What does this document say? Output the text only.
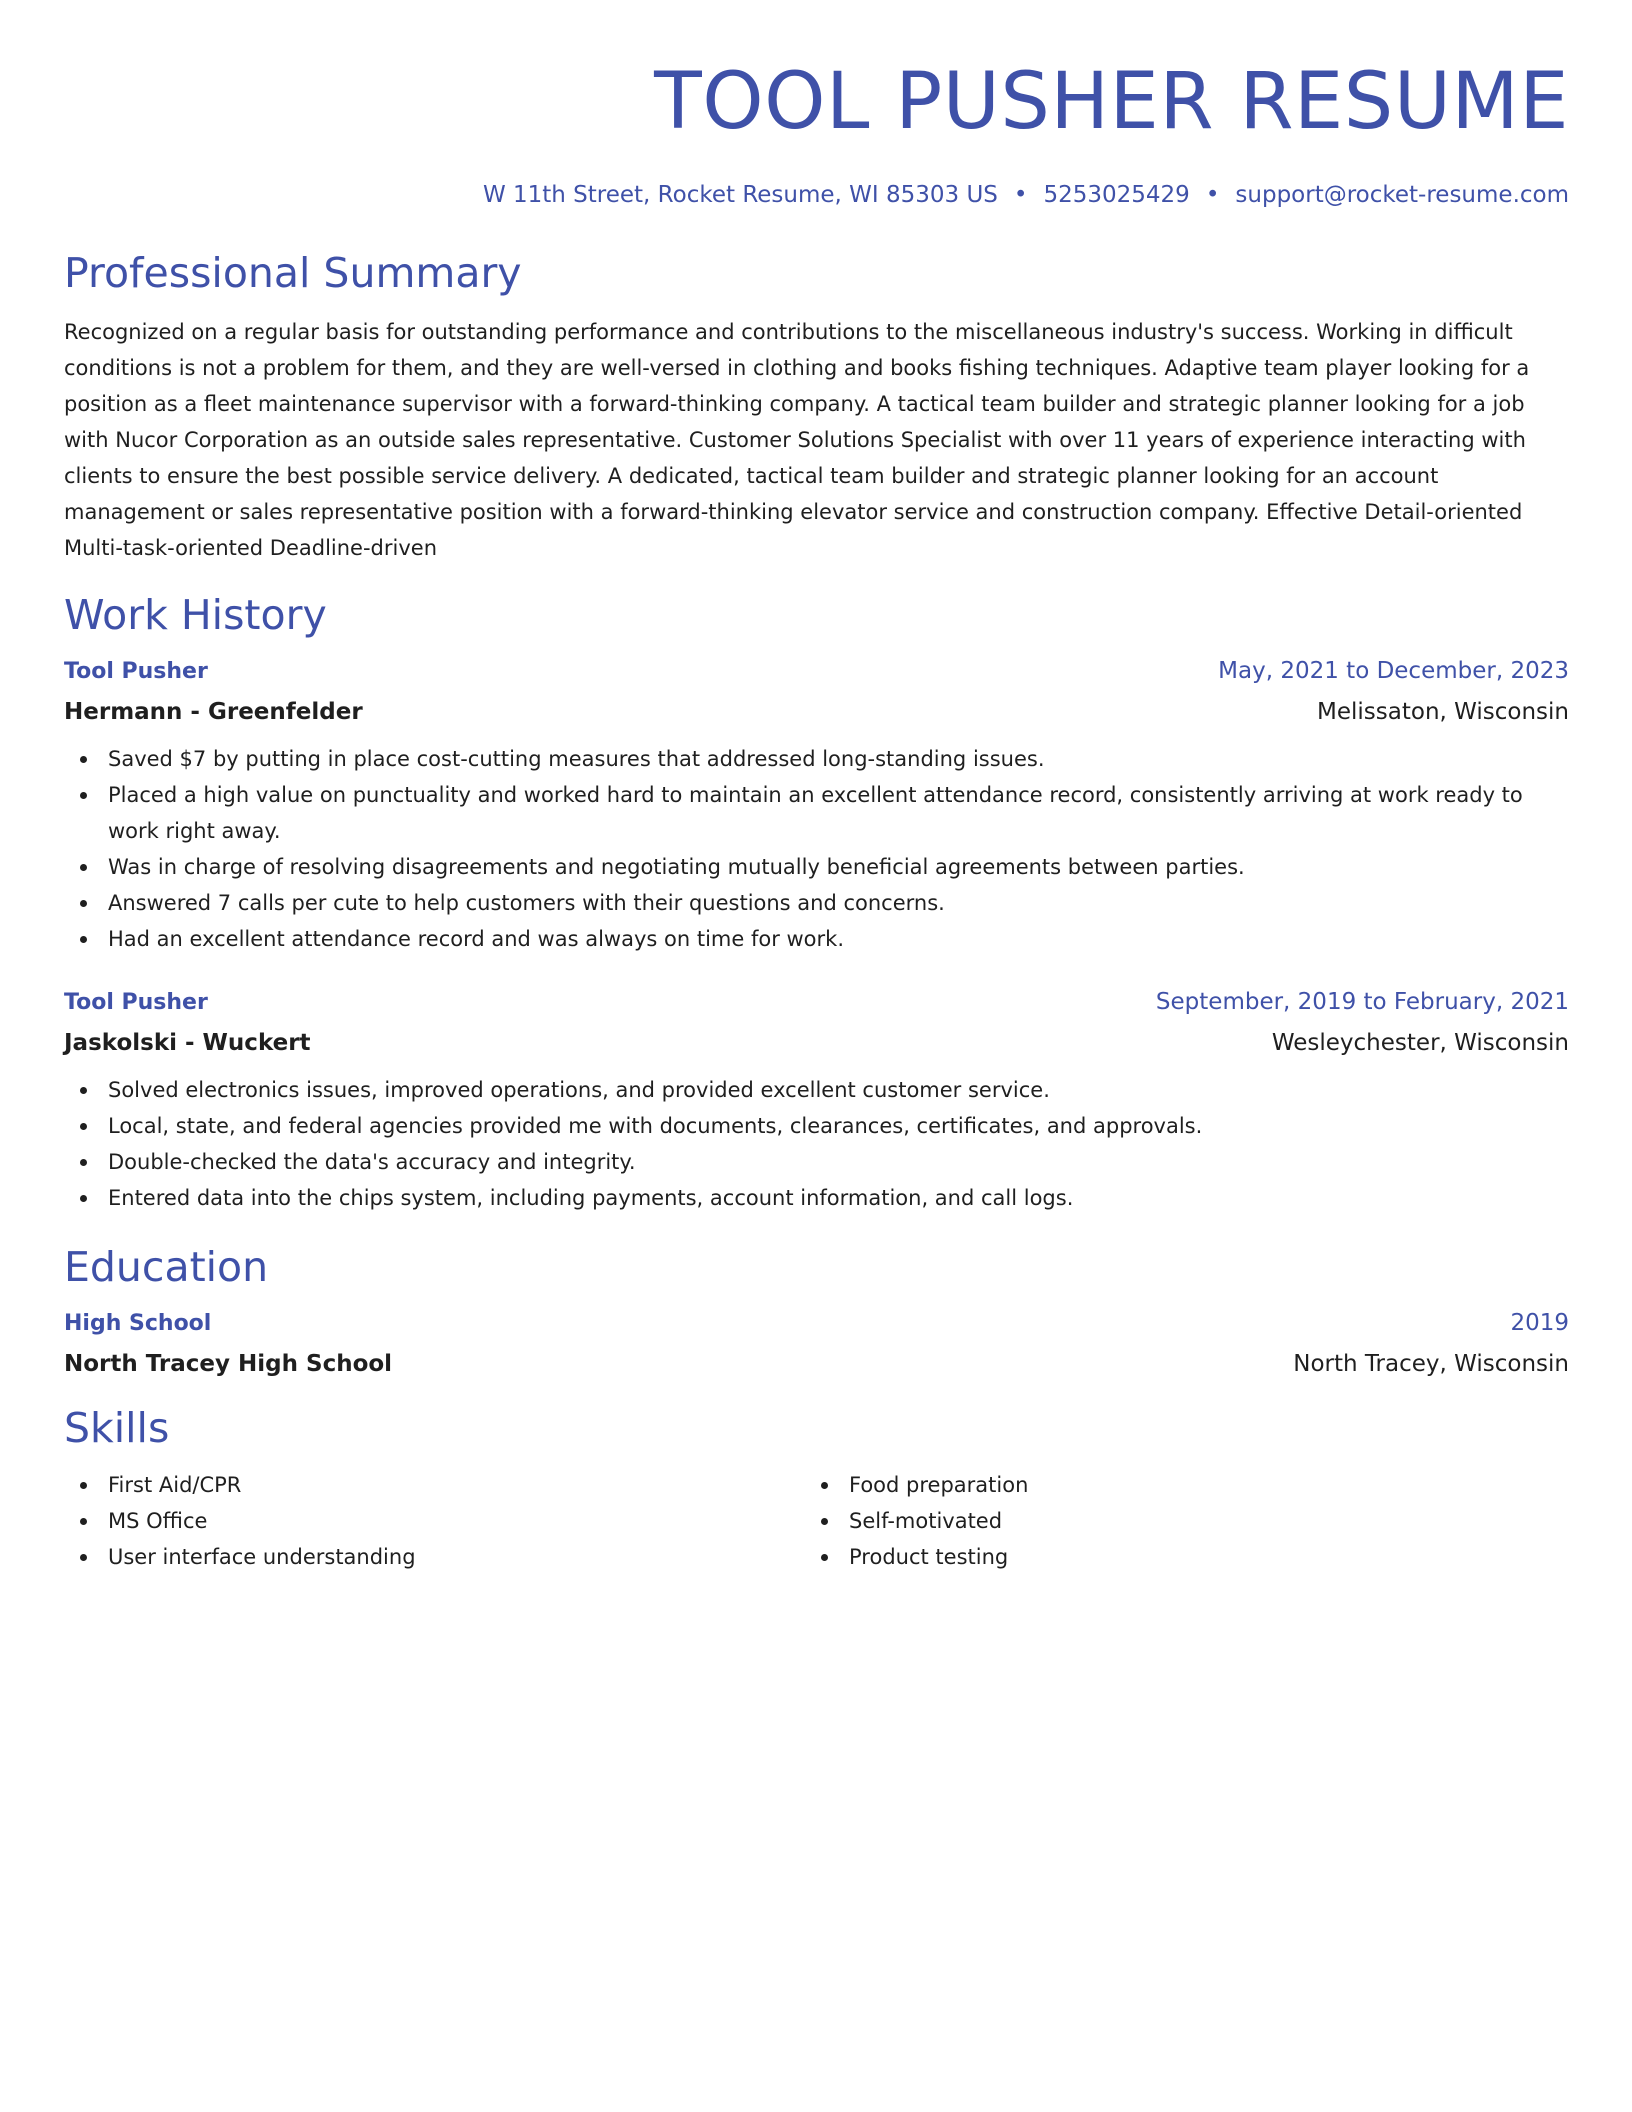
TOOL PUSHER RESUME
W 11th Street, Rocket Resume, WI 85303 US • 5253025429 • support@rocket-resume.com
Professional Summary

Recognized on a regular basis for outstanding performance and contributions to the miscellaneous industry's success. Working in difficult conditions is not a problem for them, and they are well-versed in clothing and books fishing techniques. Adaptive team player looking for a position as a fleet maintenance supervisor with a forward-thinking company. A tactical team builder and strategic planner looking for a job with Nucor Corporation as an outside sales representative. Customer Solutions Specialist with over 11 years of experience interacting with clients to ensure the best possible service delivery. A dedicated, tactical team builder and strategic planner looking for an account management or sales representative position with a forward-thinking elevator service and construction company. Effective Detail-oriented Multi-task-oriented Deadline-driven

Work History
Tool Pusher	May, 2021 to December, 2023
Hermann - Greenfelder	Melissaton, Wisconsin
Saved $7 by putting in place cost-cutting measures that addressed long-standing issues.
Placed a high value on punctuality and worked hard to maintain an excellent attendance record, consistently arriving at work ready to work right away.
Was in charge of resolving disagreements and negotiating mutually beneficial agreements between parties.
Answered 7 calls per cute to help customers with their questions and concerns.
Had an excellent attendance record and was always on time for work.
Tool Pusher	September, 2019 to February, 2021
Jaskolski - Wuckert	Wesleychester, Wisconsin
Solved electronics issues, improved operations, and provided excellent customer service.
Local, state, and federal agencies provided me with documents, clearances, certificates, and approvals.
Double-checked the data's accuracy and integrity.
Entered data into the chips system, including payments, account information, and call logs.
Education
High School	2019
North Tracey High School	North Tracey, Wisconsin
Skills
First Aid/CPR
MS Office
User interface understanding
Food preparation
Self-motivated
Product testing
